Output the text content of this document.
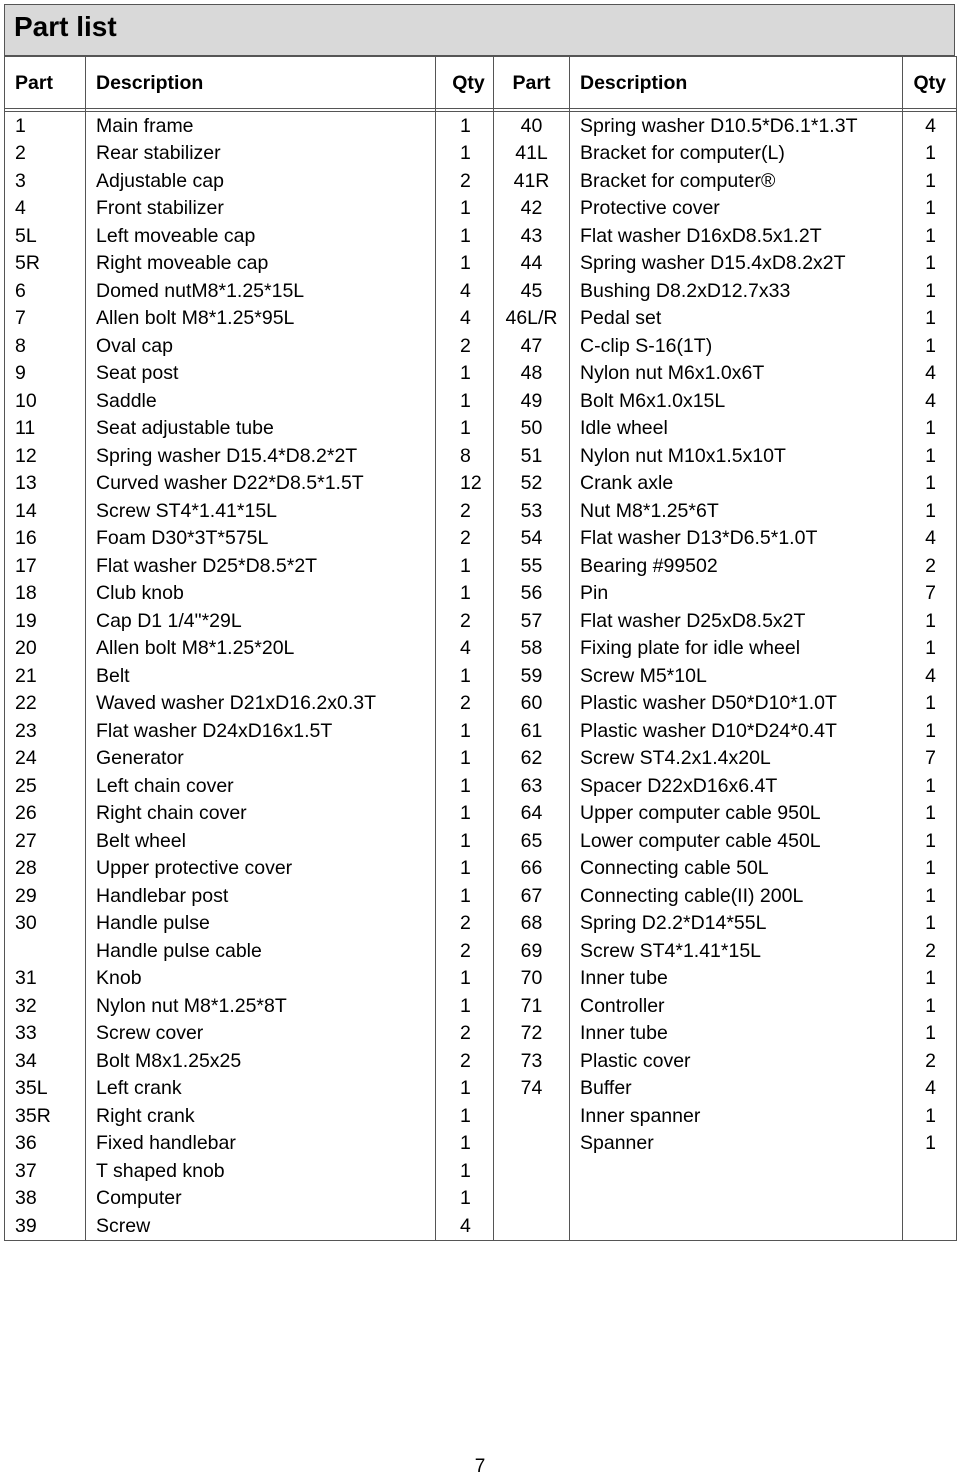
Part list
Part	Description	Qty	Part	Description	Qty

1	Main frame	1	40	Spring washer D10.5*D6.1*1.3T	4
2	Rear stabilizer	1	41L	Bracket for computer(L)	1
3	Adjustable cap	2	41R	Bracket for computer®	1
4	Front stabilizer	1	42	Protective cover	1
5L	Left moveable cap	1	43	Flat washer D16xD8.5x1.2T	1
5R	Right moveable cap	1	44	Spring washer D15.4xD8.2x2T	1
6	Domed nutM8*1.25*15L	4	45	Bushing D8.2xD12.7x33	1
7	Allen bolt M8*1.25*95L	4	46L/R	Pedal set	1
8	Oval cap	2	47	C-clip S-16(1T)	1
9	Seat post	1	48	Nylon nut M6x1.0x6T	4
10	Saddle	1	49	Bolt M6x1.0x15L	4
11	Seat adjustable tube	1	50	Idle wheel	1
12	Spring washer D15.4*D8.2*2T	8	51	Nylon nut M10x1.5x10T	1
13	Curved washer D22*D8.5*1.5T	12	52	Crank axle	1
14	Screw ST4*1.41*15L	2	53	Nut M8*1.25*6T	1
16	Foam D30*3T*575L	2	54	Flat washer D13*D6.5*1.0T	4
17	Flat washer D25*D8.5*2T	1	55	Bearing #99502	2
18	Club knob	1	56	Pin	7
19	Cap D1 1/4"*29L	2	57	Flat washer D25xD8.5x2T	1
20	Allen bolt M8*1.25*20L	4	58	Fixing plate for idle wheel	1
21	Belt	1	59	Screw M5*10L	4
22	Waved washer D21xD16.2x0.3T	2	60	Plastic washer D50*D10*1.0T	1
23	Flat washer D24xD16x1.5T	1	61	Plastic washer D10*D24*0.4T	1
24	Generator	1	62	Screw ST4.2x1.4x20L	7
25	Left chain cover	1	63	Spacer D22xD16x6.4T	1
26	Right chain cover	1	64	Upper computer cable 950L	1
27	Belt wheel	1	65	Lower computer cable 450L	1
28	Upper protective cover	1	66	Connecting cable 50L	1
29	Handlebar post	1	67	Connecting cable(II) 200L	1
30	Handle pulse	2	68	Spring D2.2*D14*55L	1
	Handle pulse cable	2	69	Screw ST4*1.41*15L	2
31	Knob	1	70	Inner tube	1
32	Nylon nut M8*1.25*8T	1	71	Controller	1
33	Screw cover	2	72	Inner tube	1
34	Bolt M8x1.25x25	2	73	Plastic cover	2
35L	Left crank	1	74	Buffer	4
35R	Right crank	1		Inner spanner	1
36	Fixed handlebar	1		Spanner	1
37	T shaped knob	1			
38	Computer	1			
39	Screw	4			
7
